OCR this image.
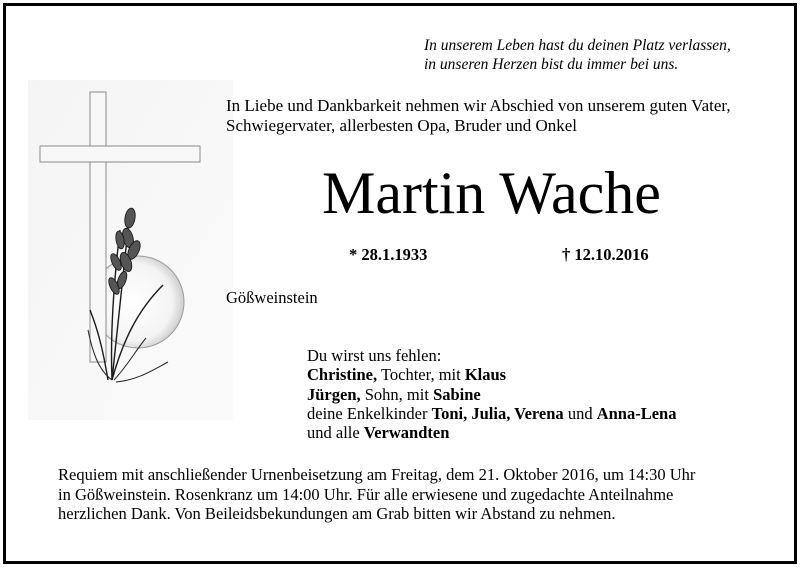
In unserem Leben hast du deinen Platz verlassen,
in unseren Herzen bist du immer bei uns.
In Liebe und Dankbarkeit nehmen wir Abschied von unserem guten Vater,
Schwiegervater, allerbesten Opa, Bruder und Onkel
Martin Wache
* 28.1.1933	† 12.10.2016
Gößweinstein
Du wirst uns fehlen:
Christine, Tochter, mit Klaus
Jürgen, Sohn, mit Sabine
deine Enkelkinder Toni, Julia, Verena und Anna-Lena
und alle Verwandten
Requiem mit anschließender Urnenbeisetzung am Freitag, dem 21. Oktober 2016, um 14:30 Uhr
in Gößweinstein. Rosenkranz um 14:00 Uhr. Für alle erwiesene und zugedachte Anteilnahme
herzlichen Dank. Von Beileidsbekundungen am Grab bitten wir Abstand zu nehmen.
